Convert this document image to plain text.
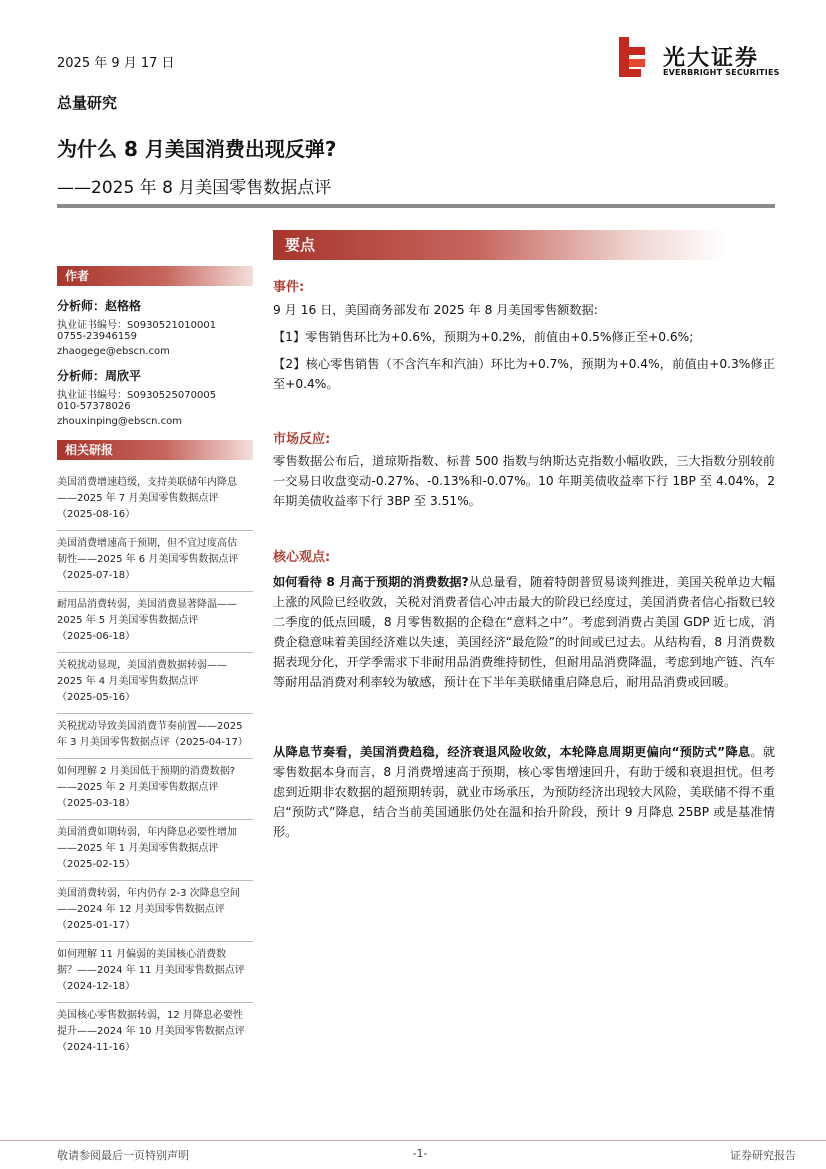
2025 年 9 月 17 日	光大证券
EVERBRIGHT SECURITIES
总量研究
为什么 8 月美国消费出现反弹?
——2025 年 8 月美国零售数据点评
作者
分析师：赵格格
执业证书编号：S0930521010001
0755-23946159
zhaogege@ebscn.com
分析师：周欣平
执业证书编号：S0930525070005
010-57378026
zhouxinping@ebscn.com
相关研报
美国消费增速趋缓，支持美联储年内降息
——2025 年 7 月美国零售数据点评
（2025-08-16）
美国消费增速高于预期，但不宜过度高估
韧性——2025 年 6 月美国零售数据点评
（2025-07-18）
耐用品消费转弱，美国消费显著降温——
2025 年 5 月美国零售数据点评
（2025-06-18）
关税扰动显现，美国消费数据转弱——
2025 年 4 月美国零售数据点评
（2025-05-16）
关税扰动导致美国消费节奏前置——2025
年 3 月美国零售数据点评（2025-04-17）
如何理解 2 月美国低于预期的消费数据?
——2025 年 2 月美国零售数据点评
（2025-03-18）
美国消费如期转弱，年内降息必要性增加
——2025 年 1 月美国零售数据点评
（2025-02-15）
美国消费转弱，年内仍存 2-3 次降息空间
——2024 年 12 月美国零售数据点评
（2025-01-17）
如何理解 11 月偏弱的美国核心消费数
据？——2024 年 11 月美国零售数据点评
（2024-12-18）
美国核心零售数据转弱，12 月降息必要性
提升——2024 年 10 月美国零售数据点评
（2024-11-16）
要点
事件:
9 月 16 日，美国商务部发布 2025 年 8 月美国零售额数据:
【1】零售销售环比为+0.6%，预期为+0.2%，前值由+0.5%修正至+0.6%;
【2】核心零售销售（不含汽车和汽油）环比为+0.7%，预期为+0.4%，前值由+0.3%修正至+0.4%。
市场反应:
零售数据公布后，道琼斯指数、标普 500 指数与纳斯达克指数小幅收跌，三大指数分别较前一交易日收盘变动-0.27%、-0.13%和-0.07%。10 年期美债收益率下行 1BP 至 4.04%，2 年期美债收益率下行 3BP 至 3.51%。
核心观点:
如何看待 8 月高于预期的消费数据?从总量看，随着特朗普贸易谈判推进，美国关税单边大幅上涨的风险已经收敛，关税对消费者信心冲击最大的阶段已经度过，美国消费者信心指数已较二季度的低点回暖，8 月零售数据的企稳在“意料之中”。考虑到消费占美国 GDP 近七成，消费企稳意味着美国经济难以失速，美国经济“最危险”的时间或已过去。从结构看，8 月消费数据表现分化，开学季需求下非耐用品消费维持韧性，但耐用品消费降温，考虑到地产链、汽车等耐用品消费对利率较为敏感，预计在下半年美联储重启降息后，耐用品消费或回暖。
从降息节奏看，美国消费趋稳，经济衰退风险收敛，本轮降息周期更偏向“预防式”降息。就零售数据本身而言，8 月消费增速高于预期，核心零售增速回升，有助于缓和衰退担忧。但考虑到近期非农数据的超预期转弱，就业市场承压，为预防经济出现较大风险，美联储不得不重启“预防式”降息，结合当前美国通胀仍处在温和抬升阶段，预计 9 月降息 25BP 或是基准情形。
敬请参阅最后一页特别声明	-1-	证券研究报告
